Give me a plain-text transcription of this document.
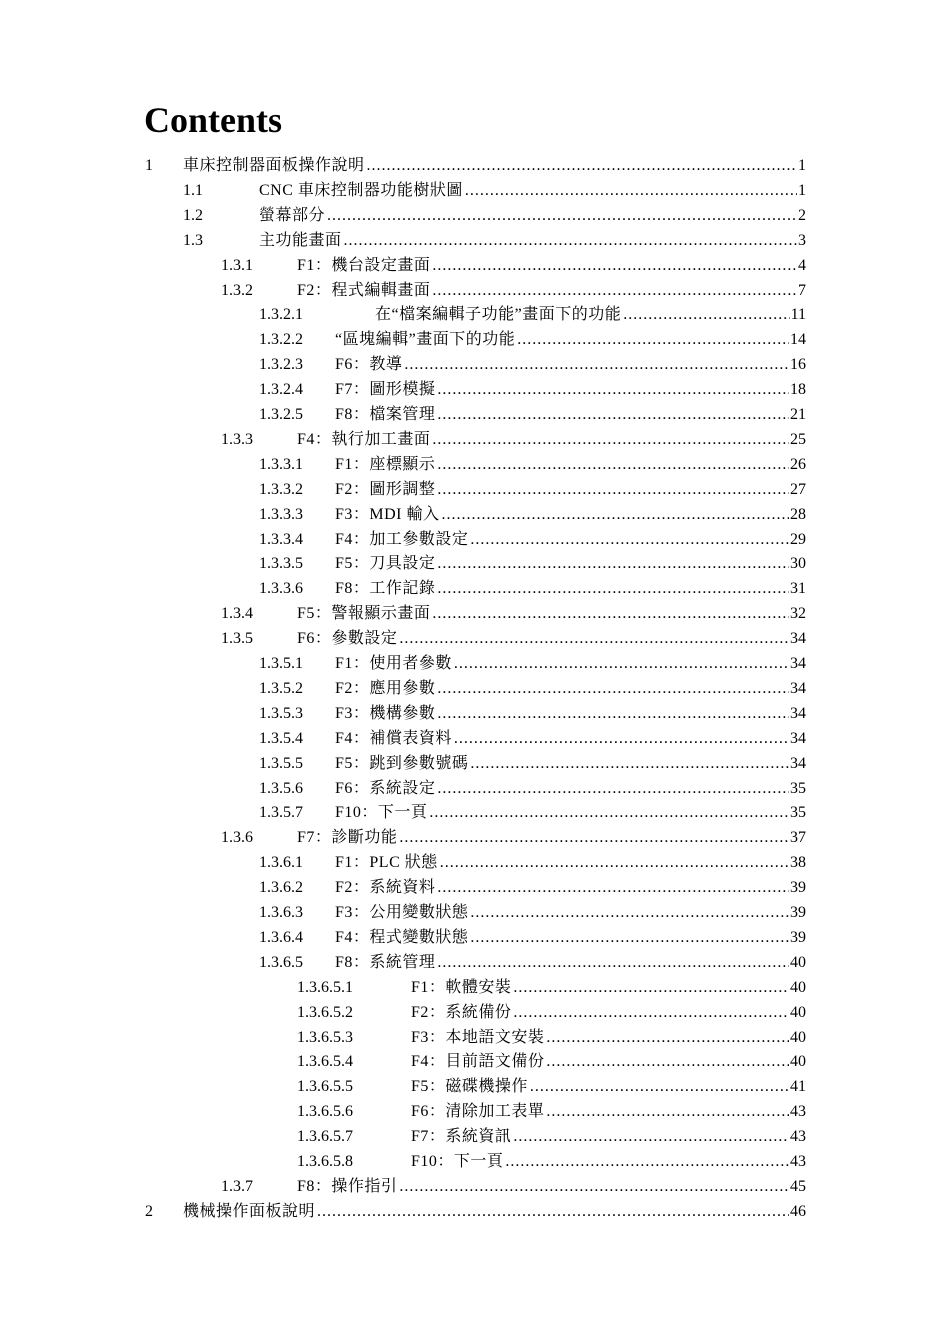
Contents
1 車床控制器面板操作說明 .....	1
1.1	CNC 車床控制器功能樹狀圖 .....	1
1.2	螢幕部分 .....	2
1.3	主功能畫面 .....	3
1.3.1	F1：機台設定畫面 .....	4
1.3.2	F2：程式編輯畫面 .....	7
1.3.2.1	在“檔案編輯子功能”畫面下的功能 .....	11
1.3.2.2 “區塊編輯”畫面下的功能 .....	14
1.3.2.3 F6：教導 .....	16
1.3.2.4 F7：圖形模擬 .....	18
1.3.2.5 F8：檔案管理 .....	21
1.3.3	F4：執行加工畫面 .....	25
1.3.3.1 F1：座標顯示 .....	26
1.3.3.2 F2：圖形調整 .....	27
1.3.3.3 F3：MDI 輸入 .....	28
1.3.3.4 F4：加工參數設定 .....	29
1.3.3.5 F5：刀具設定 .....	30
1.3.3.6 F8：工作記錄 .....	31
1.3.4	F5：警報顯示畫面 .....	32
1.3.5	F6：參數設定 .....	34
1.3.5.1 F1：使用者參數 .....	34
1.3.5.2 F2：應用參數 .....	34
1.3.5.3 F3：機構參數 .....	34
1.3.5.4 F4：補償表資料 .....	34
1.3.5.5 F5：跳到參數號碼 .....	34
1.3.5.6 F6：系統設定 .....	35
1.3.5.7 F10：下一頁 .....	35
1.3.6	F7：診斷功能 .....	37
1.3.6.1 F1：PLC 狀態 .....	38
1.3.6.2 F2：系統資料 .....	39
1.3.6.3 F3：公用變數狀態 .....	39
1.3.6.4 F4：程式變數狀態 .....	39
1.3.6.5 F8：系統管理 .....	40
1.3.6.5.1	F1：軟體安裝 .....	40
1.3.6.5.2	F2：系統備份 .....	40
1.3.6.5.3	F3：本地語文安裝 .....	40
1.3.6.5.4	F4：目前語文備份 .....	40
1.3.6.5.5	F5：磁碟機操作 .....	41
1.3.6.5.6	F6：清除加工表單 .....	43
1.3.6.5.7	F7：系統資訊 .....	43
1.3.6.5.8	F10：下一頁 .....	43
1.3.7	F8：操作指引 .....	45
2 機械操作面板說明 .....	46
